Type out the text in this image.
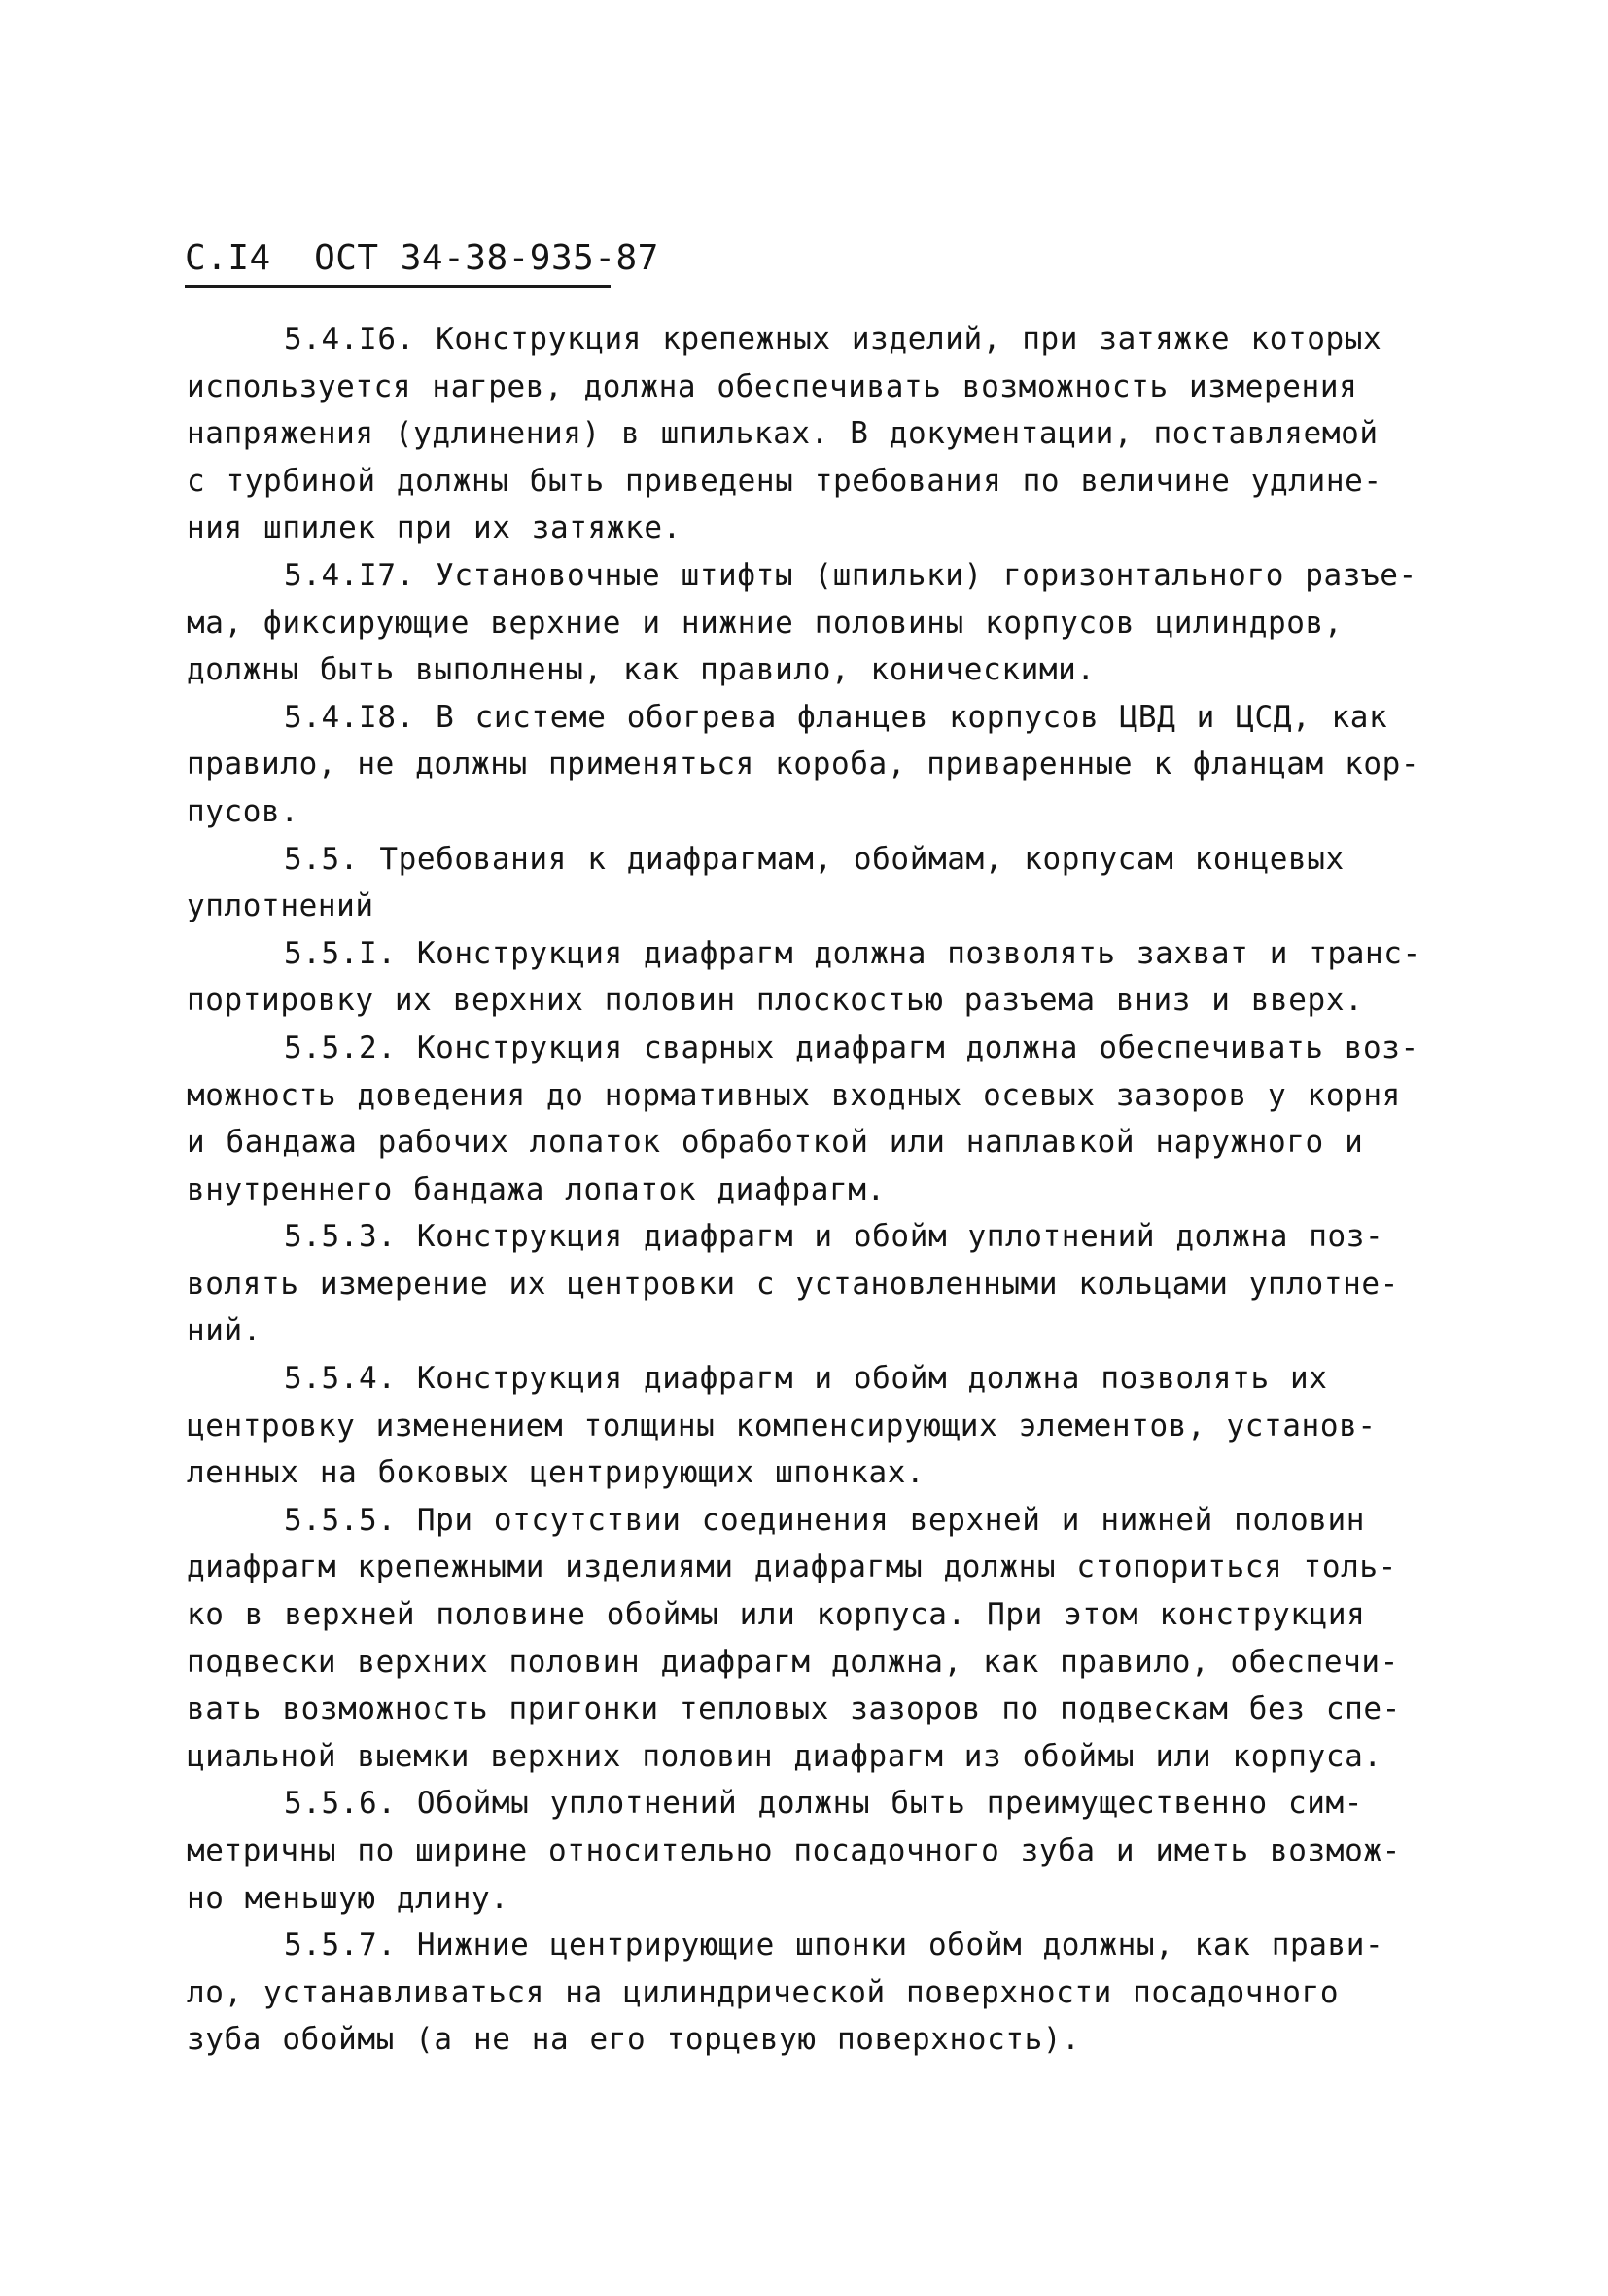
С.I4 ОСТ 34-38-935-87
5.4.I6. Конструкция крепежных изделий, при затяжке которых
используется нагрев, должна обеспечивать возможность измерения
напряжения (удлинения) в шпильках. В документации, поставляемой
с турбиной должны быть приведены требования по величине удлине-
ния шпилек при их затяжке.
5.4.I7. Установочные штифты (шпильки) горизонтального разъе-
ма, фиксирующие верхние и нижние половины корпусов цилиндров,
должны быть выполнены, как правило, коническими.
5.4.I8. В системе обогрева фланцев корпусов ЦВД и ЦСД, как
правило, не должны применяться короба, приваренные к фланцам кор-
пусов.
5.5. Требования к диафрагмам, обоймам, корпусам концевых
уплотнений
5.5.I. Конструкция диафрагм должна позволять захват и транс-
портировку их верхних половин плоскостью разъема вниз и вверх.
5.5.2. Конструкция сварных диафрагм должна обеспечивать воз-
можность доведения до нормативных входных осевых зазоров у корня
и бандажа рабочих лопаток обработкой или наплавкой наружного и
внутреннего бандажа лопаток диафрагм.
5.5.3. Конструкция диафрагм и обойм уплотнений должна поз-
волять измерение их центровки с установленными кольцами уплотне-
ний.
5.5.4. Конструкция диафрагм и обойм должна позволять их
центровку изменением толщины компенсирующих элементов, установ-
ленных на боковых центрирующих шпонках.
5.5.5. При отсутствии соединения верхней и нижней половин
диафрагм крепежными изделиями диафрагмы должны стопориться толь-
ко в верхней половине обоймы или корпуса. При этом конструкция
подвески верхних половин диафрагм должна, как правило, обеспечи-
вать возможность пригонки тепловых зазоров по подвескам без спе-
циальной выемки верхних половин диафрагм из обоймы или корпуса.
5.5.6. Обоймы уплотнений должны быть преимущественно сим-
метричны по ширине относительно посадочного зуба и иметь возмож-
но меньшую длину.
5.5.7. Нижние центрирующие шпонки обойм должны, как прави-
ло, устанавливаться на цилиндрической поверхности посадочного
зуба обоймы (а не на его торцевую поверхность).
